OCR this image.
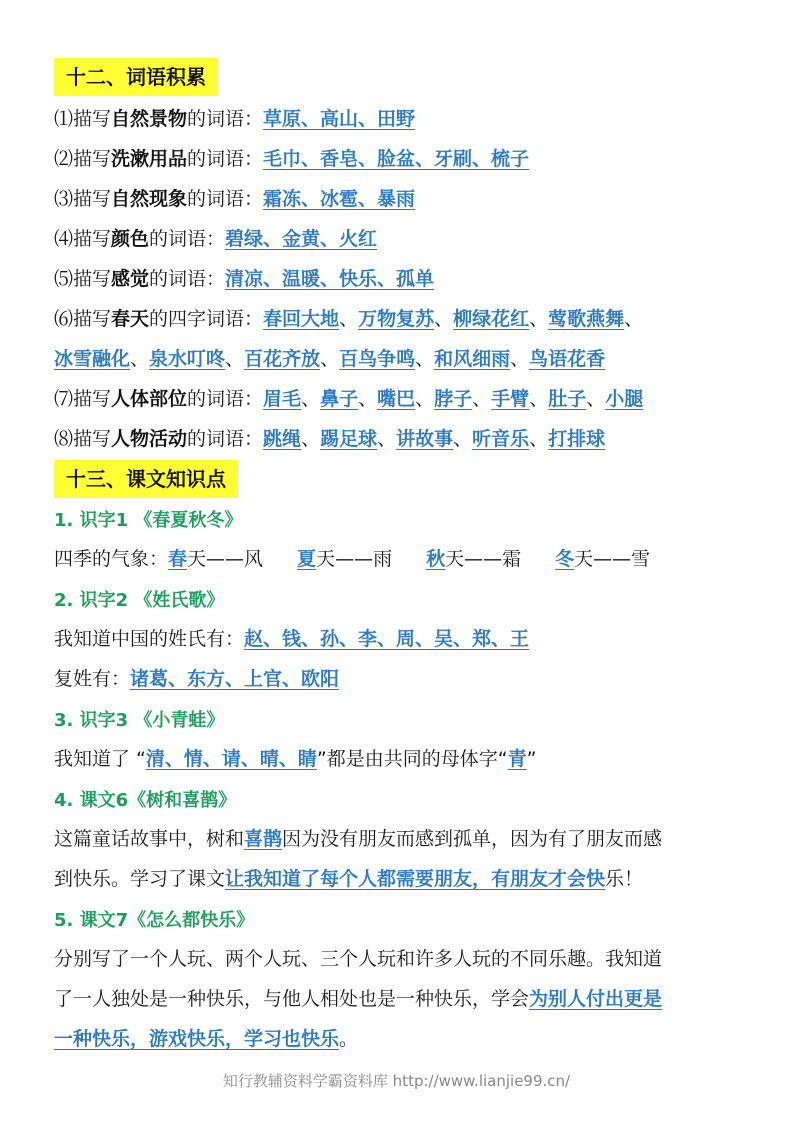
十二、词语积累
⑴描写自然景物的词语：草原、高山、田野
⑵描写洗漱用品的词语：毛巾、香皂、脸盆、牙刷、梳子
⑶描写自然现象的词语：霜冻、冰雹、暴雨
⑷描写颜色的词语：碧绿、金黄、火红
⑸描写感觉的词语：清凉、温暖、快乐、孤单
⑹描写春天的四字词语：春回大地、万物复苏、柳绿花红、莺歌燕舞、
冰雪融化、泉水叮咚、百花齐放、百鸟争鸣、和风细雨、鸟语花香
⑺描写人体部位的词语：眉毛、鼻子、嘴巴、脖子、手臂、肚子、小腿
⑻描写人物活动的词语：跳绳、踢足球、讲故事、听音乐、打排球
十三、课文知识点
1. 识字1 《春夏秋冬》
四季的气象：春天——风 夏天——雨 秋天——霜 冬天——雪
2. 识字2 《姓氏歌》
我知道中国的姓氏有：赵、钱、孙、李、周、吴、郑、王
复姓有：诸葛、东方、上官、欧阳
3. 识字3 《小青蛙》
我知道了 “清、情、请、晴、睛”都是由共同的母体字“青”
4. 课文6《树和喜鹊》
这篇童话故事中，树和喜鹊因为没有朋友而感到孤单，因为有了朋友而感
到快乐。学习了课文让我知道了每个人都需要朋友，有朋友才会快乐！
5. 课文7《怎么都快乐》
分别写了一个人玩、两个人玩、三个人玩和许多人玩的不同乐趣。我知道
了一人独处是一种快乐，与他人相处也是一种快乐，学会为别人付出更是
一种快乐，游戏快乐，学习也快乐。
知行教辅资料学霸资料库 http://www.lianjie99.cn/
